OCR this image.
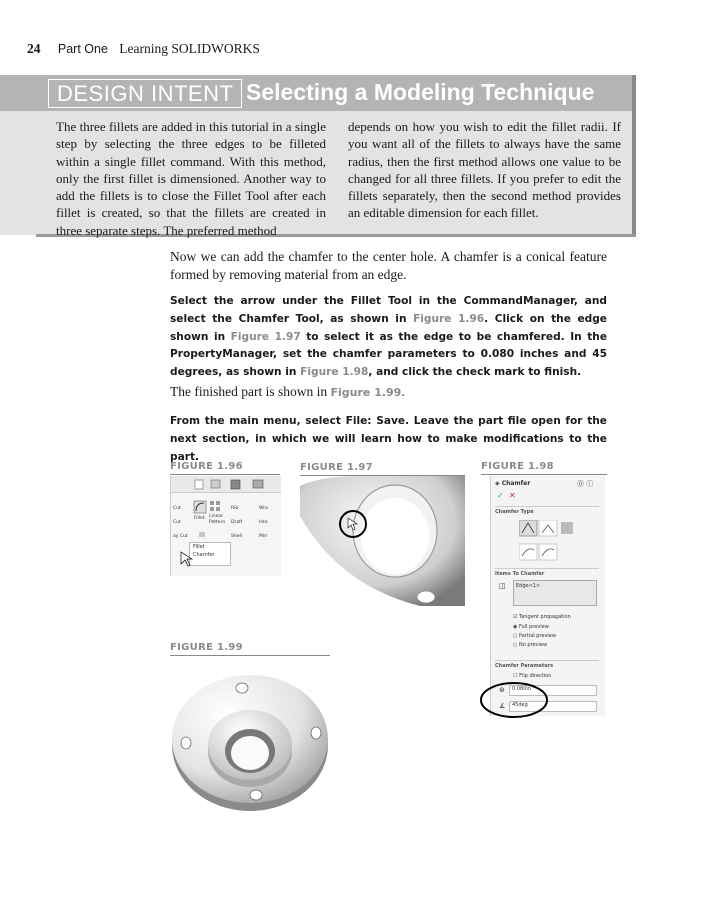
24 Part One Learning SOLIDWORKS
DESIGN INTENT Selecting a Modeling Technique
The three fillets are added in this tutorial in a single step by selecting the three edges to be filleted within a single fillet command. With this method, only the first fillet is dimensioned. Another way to add the fillets is to close the Fillet Tool after each fillet is created, so that the fillets are created in three separate steps. The preferred method
depends on how you wish to edit the fillet radii. If you want all of the fillets to always have the same radius, then the first method allows one value to be changed for all three fillets. If you prefer to edit the fillets separately, then the second method provides an editable dimension for each fillet.
Now we can add the chamfer to the center hole. A chamfer is a conical feature formed by removing material from an edge.
Select the arrow under the Fillet Tool in the CommandManager, and select the Chamfer Tool, as shown in Figure 1.96. Click on the edge shown in Figure 1.97 to select it as the edge to be chamfered. In the PropertyManager, set the chamfer parameters to 0.080 inches and 45 degrees, as shown in Figure 1.98, and click the check mark to finish.
The finished part is shown in Figure 1.99.
From the main menu, select File: Save. Leave the part file open for the next section, in which we will learn how to make modifications to the part.
FIGURE 1.96	FIGURE 1.97	FIGURE 1.98
FIGURE 1.99
Cut
Cut
ay Cut
Fillet Linear
Pattern
Rib
Draft
Shell
Wra
Inte
Mirr
Fillet
Chamfer
◈ Chamfer	⓪ ⓘ
✓ ✕
Chamfer Type
Items To Chamfer
◫	Edge<1>
☑ Tangent propagation
◉ Full preview
○ Partial preview
○ No preview
Chamfer Parameters
☐ Flip direction
⊛	0.080in
∡	45deg
